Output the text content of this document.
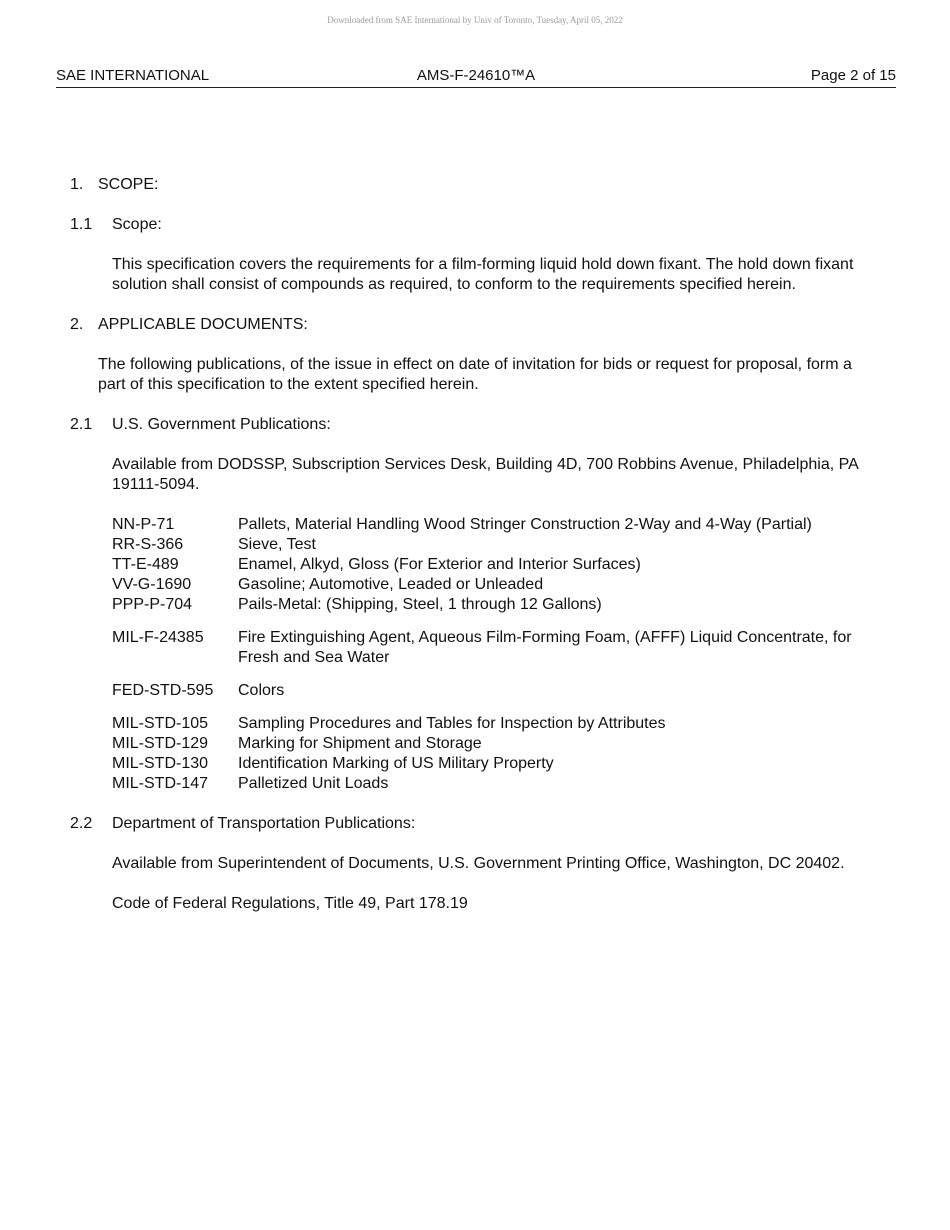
Downloaded from SAE International by Univ of Toronto, Tuesday, April 05, 2022
SAE INTERNATIONAL	AMS-F-24610™A	Page 2 of 15
1. SCOPE:
1.1	Scope:
This specification covers the requirements for a film-forming liquid hold down fixant. The hold down fixant solution shall consist of compounds as required, to conform to the requirements specified herein.
2. APPLICABLE DOCUMENTS:
The following publications, of the issue in effect on date of invitation for bids or request for proposal, form a part of this specification to the extent specified herein.
2.1	U.S. Government Publications:
Available from DODSSP, Subscription Services Desk, Building 4D, 700 Robbins Avenue, Philadelphia, PA 19111-5094.
NN-P-71	Pallets, Material Handling Wood Stringer Construction 2-Way and 4-Way (Partial)
RR-S-366	Sieve, Test
TT-E-489	Enamel, Alkyd, Gloss (For Exterior and Interior Surfaces)
VV-G-1690	Gasoline; Automotive, Leaded or Unleaded
PPP-P-704	Pails-Metal: (Shipping, Steel, 1 through 12 Gallons)
MIL-F-24385	Fire Extinguishing Agent, Aqueous Film-Forming Foam, (AFFF) Liquid Concentrate, for Fresh and Sea Water
FED-STD-595	Colors
MIL-STD-105	Sampling Procedures and Tables for Inspection by Attributes
MIL-STD-129	Marking for Shipment and Storage
MIL-STD-130	Identification Marking of US Military Property
MIL-STD-147	Palletized Unit Loads
2.2	Department of Transportation Publications:
Available from Superintendent of Documents, U.S. Government Printing Office, Washington, DC 20402.
Code of Federal Regulations, Title 49, Part 178.19
